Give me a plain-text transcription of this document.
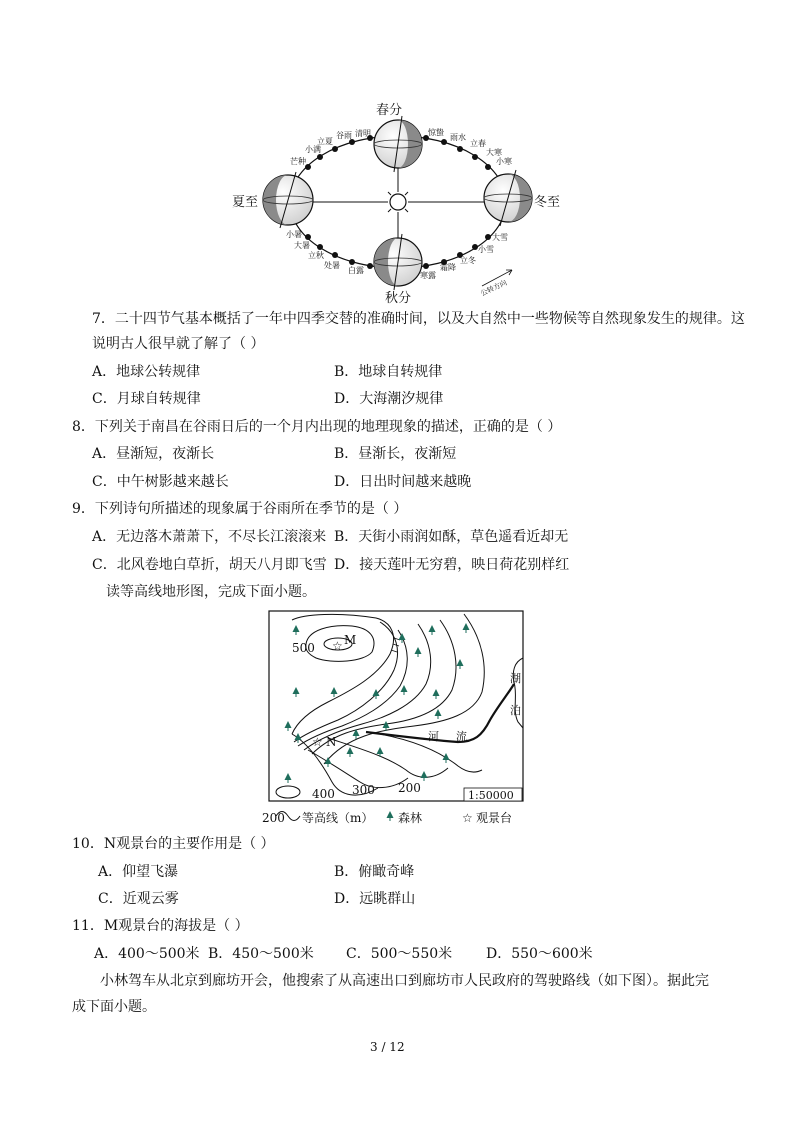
春分
夏至	冬至
秋分
立夏
谷雨 清明
小满
芒种
惊蛰
雨水
立春
大寒
小寒
小暑
大暑
立秋
处暑
白露
寒露
霜降
立冬
小雪
大雪
公转方向
7．二十四节气基本概括了一年中四季交替的准确时间，以及大自然中一些物候等自然现象发生的规律。这
说明古人很早就了解了（ ）
A．地球公转规律	B．地球自转规律
C．月球自转规律	D．大海潮汐规律
8．下列关于南昌在谷雨日后的一个月内出现的地理现象的描述，正确的是（ ）
A．昼渐短，夜渐长	B．昼渐长，夜渐短
C．中午树影越来越长	D．日出时间越来越晚
9．下列诗句所描述的现象属于谷雨所在季节的是（ ）
A．无边落木萧萧下，不尽长江滚滚来 B．天街小雨润如酥，草色遥看近却无
C．北风卷地白草折，胡天八月即飞雪 D．接天莲叶无穷碧，映日荷花别样红
读等高线地形图，完成下面小题。
1:50000
500
400 300 200
M
N	河 流
湖
泊
☆
☆
200 等高线（m） 森林	☆ 观景台
10．N观景台的主要作用是（ ）
A．仰望飞瀑	B．俯瞰奇峰
C．近观云雾	D．远眺群山
11．M观景台的海拔是（ ）
A．400～500米 B．450～500米 C．500～550米 D．550～600米
小林驾车从北京到廊坊开会，他搜索了从高速出口到廊坊市人民政府的驾驶路线（如下图）。据此完
成下面小题。
3 / 12
